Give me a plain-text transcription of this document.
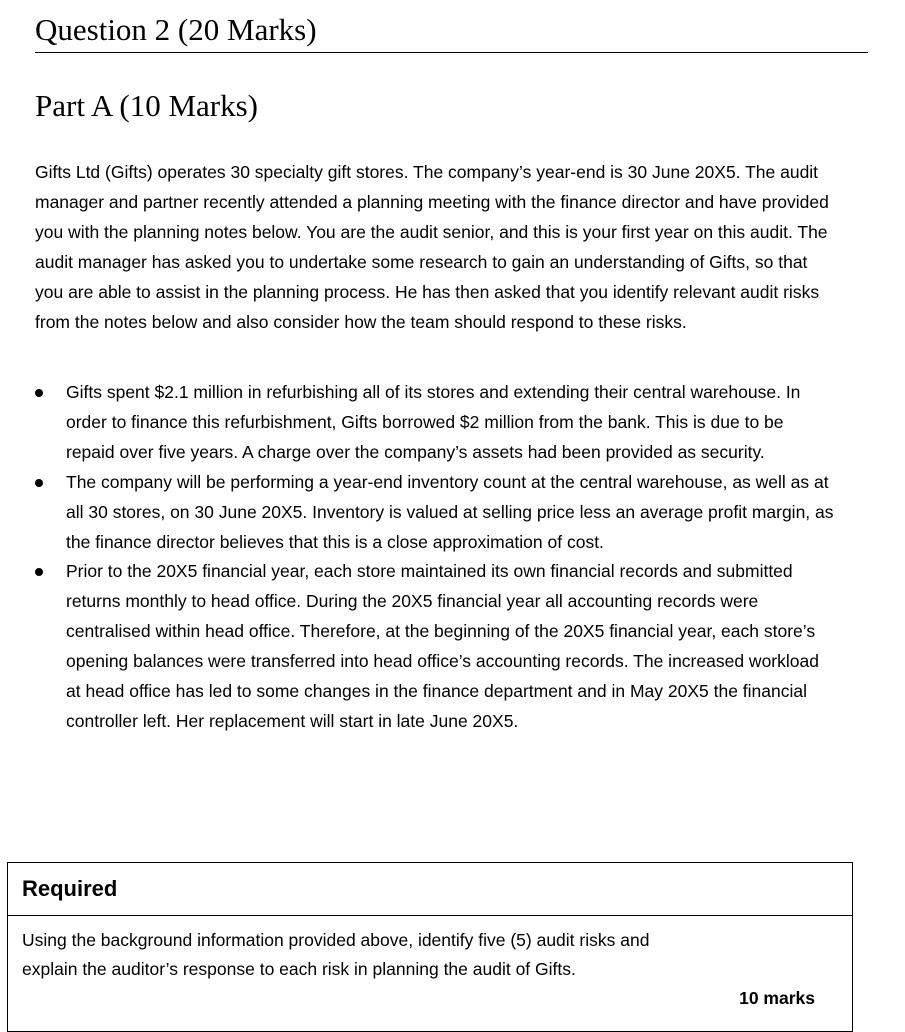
Question 2 (20 Marks)
Part A (10 Marks)

Gifts Ltd (Gifts) operates 30 specialty gift stores. The company’s year-end is 30 June 20X5. The audit manager and partner recently attended a planning meeting with the finance director and have provided you with the planning notes below. You are the audit senior, and this is your first year on this audit. The audit manager has asked you to undertake some research to gain an understanding of Gifts, so that you are able to assist in the planning process. He has then asked that you identify relevant audit risks from the notes below and also consider how the team should respond to these risks.

Gifts spent $2.1 million in refurbishing all of its stores and extending their central warehouse. In order to finance this refurbishment, Gifts borrowed $2 million from the bank. This is due to be repaid over five years. A charge over the company’s assets had been provided as security.
The company will be performing a year-end inventory count at the central warehouse, as well as at all 30 stores, on 30 June 20X5. Inventory is valued at selling price less an average profit margin, as the finance director believes that this is a close approximation of cost.
Prior to the 20X5 financial year, each store maintained its own financial records and submitted returns monthly to head office. During the 20X5 financial year all accounting records were centralised within head office. Therefore, at the beginning of the 20X5 financial year, each store’s opening balances were transferred into head office’s accounting records. The increased workload at head office has led to some changes in the finance department and in May 20X5 the financial controller left. Her replacement will start in late June 20X5.
Required
Using the background information provided above, identify five (5) audit risks and explain the auditor’s response to each risk in planning the audit of Gifts.
10 marks
